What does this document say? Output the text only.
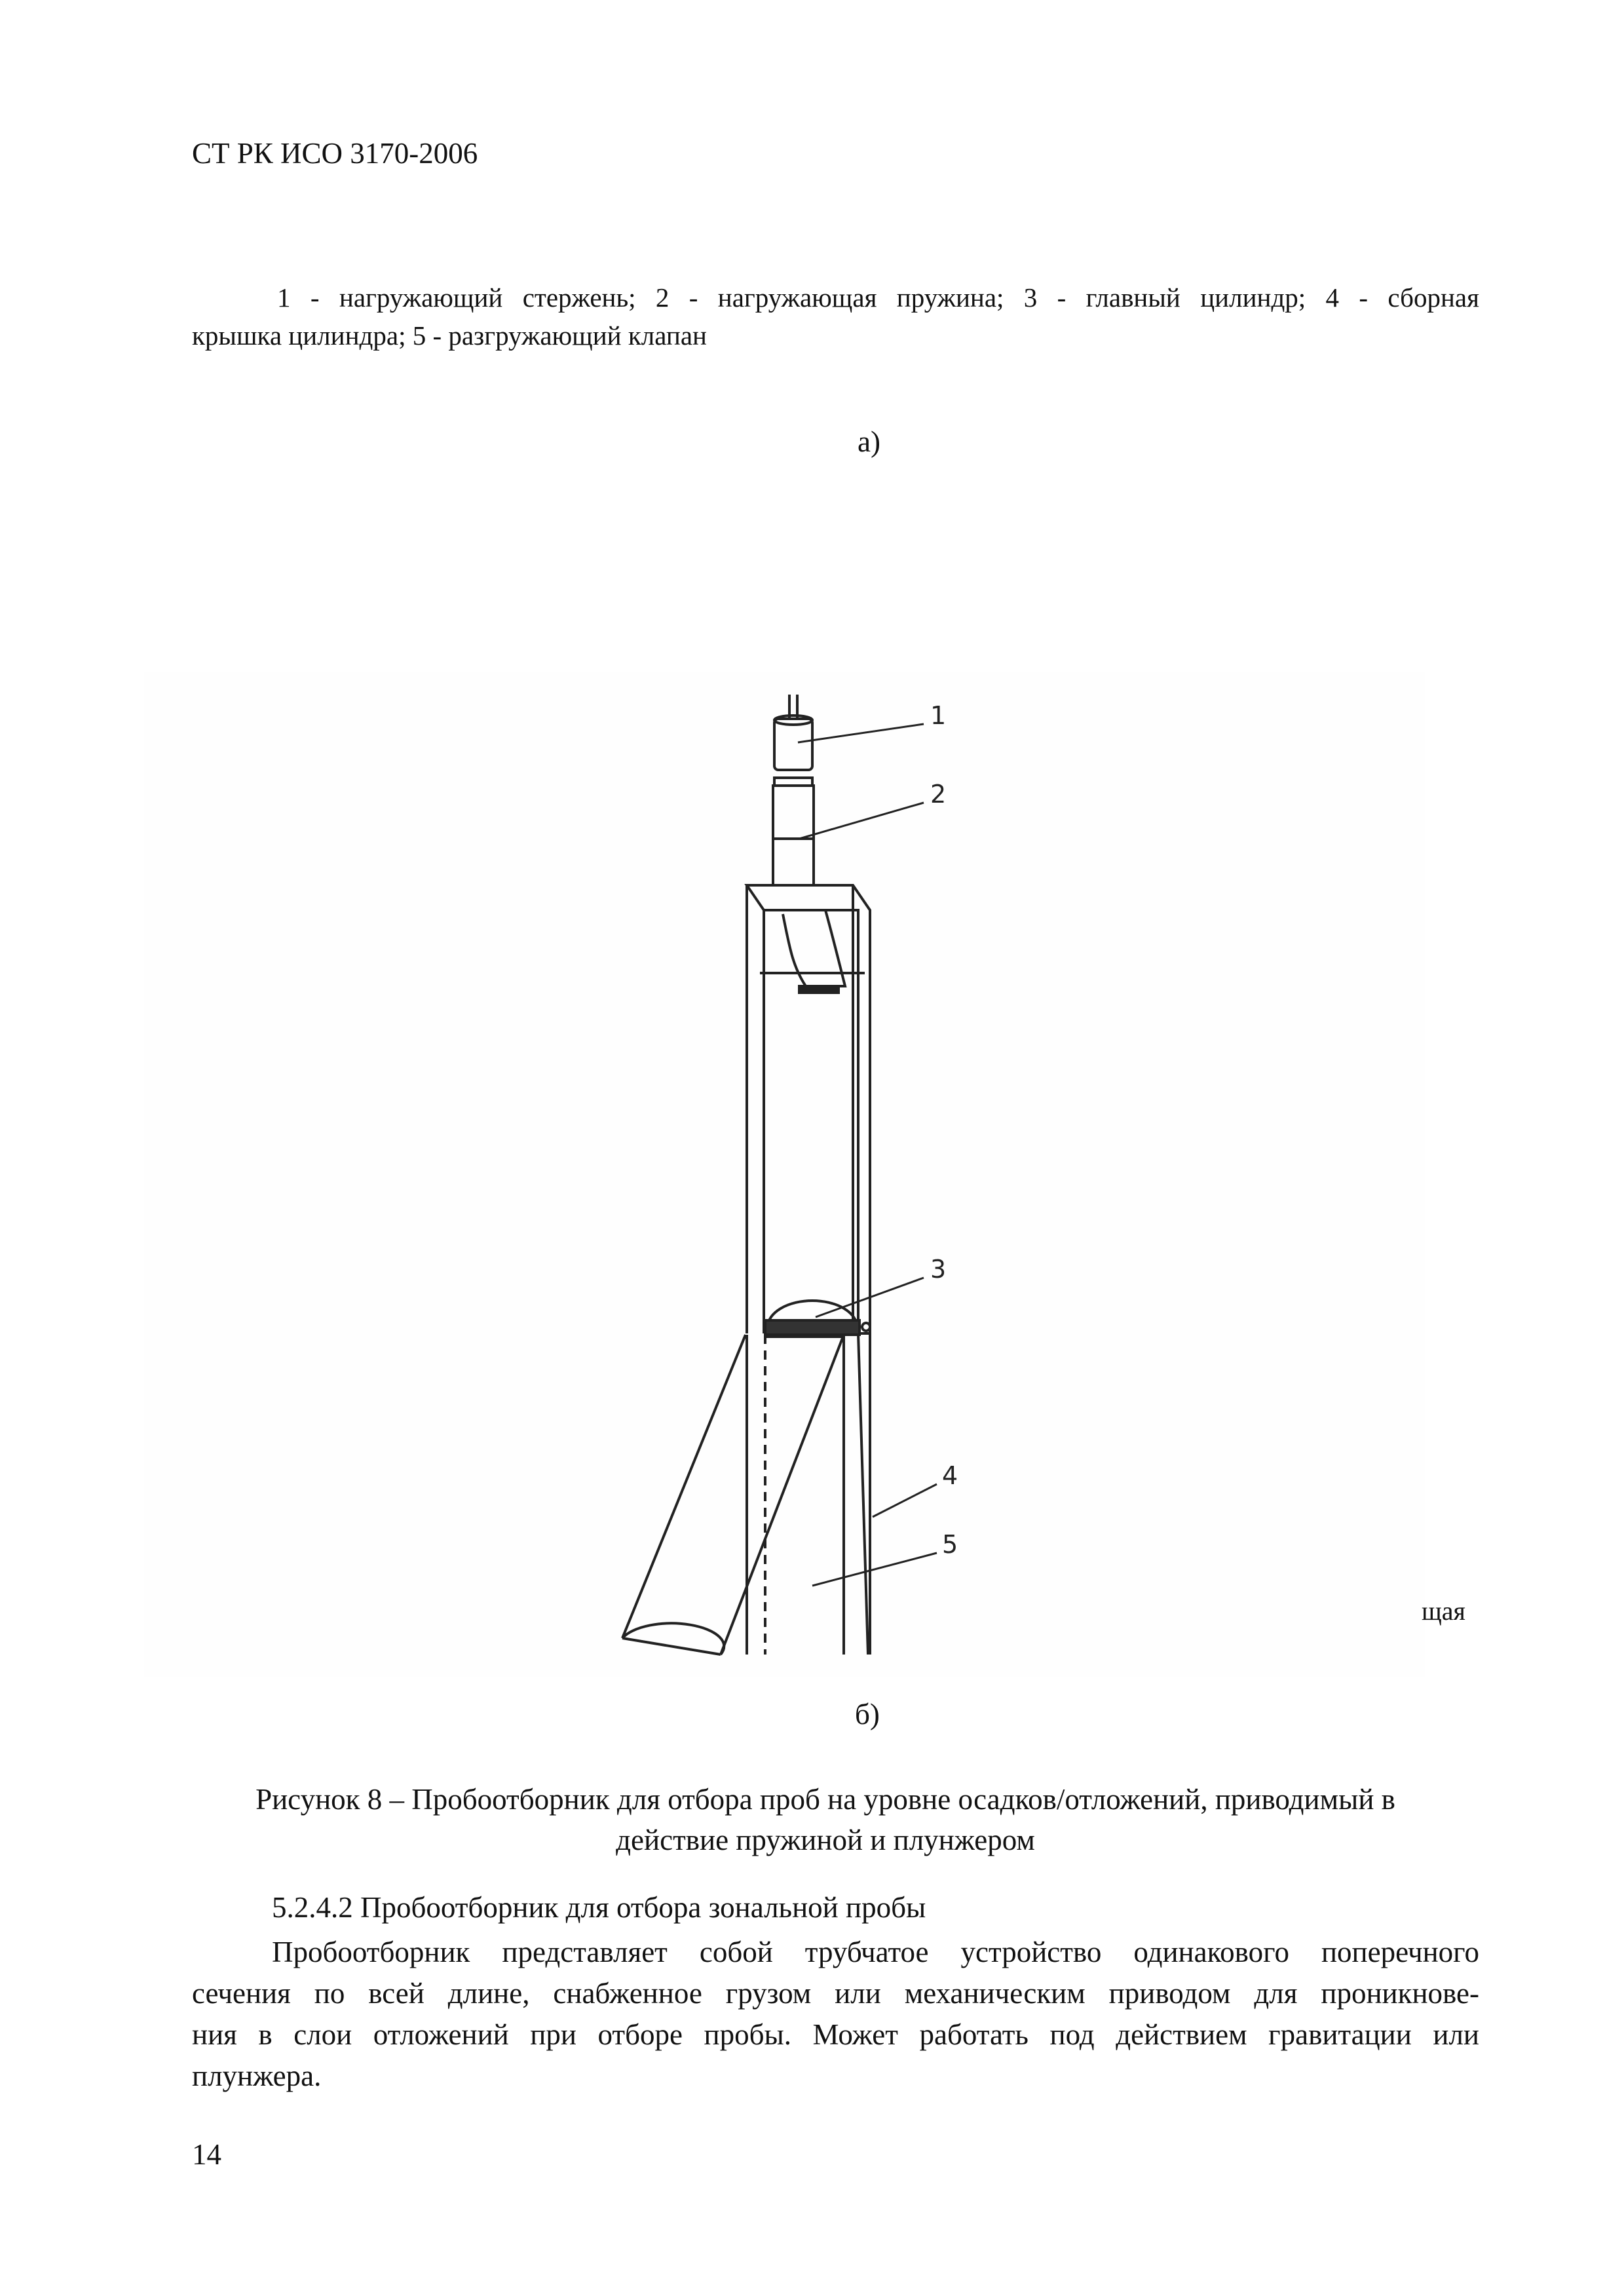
СТ РК ИСО 3170-2006
1 - нагружающий стержень; 2 - нагружающая пружина; 3 - главный цилиндр; 4 - сборная
крышка цилиндра; 5 - разгружающий клапан
а)
1
2
3
4
5
щая
б)
Рисунок 8 – Пробоотборник для отбора проб на уровне осадков/отложений, приводимый в
действие пружиной и плунжером
5.2.4.2 Пробоотборник для отбора зональной пробы
Пробоотборник представляет собой трубчатое устройство одинакового поперечного
сечения по всей длине, снабженное грузом или механическим приводом для проникнове-
ния в слои отложений при отборе пробы. Может работать под действием гравитации или
плунжера.
14
